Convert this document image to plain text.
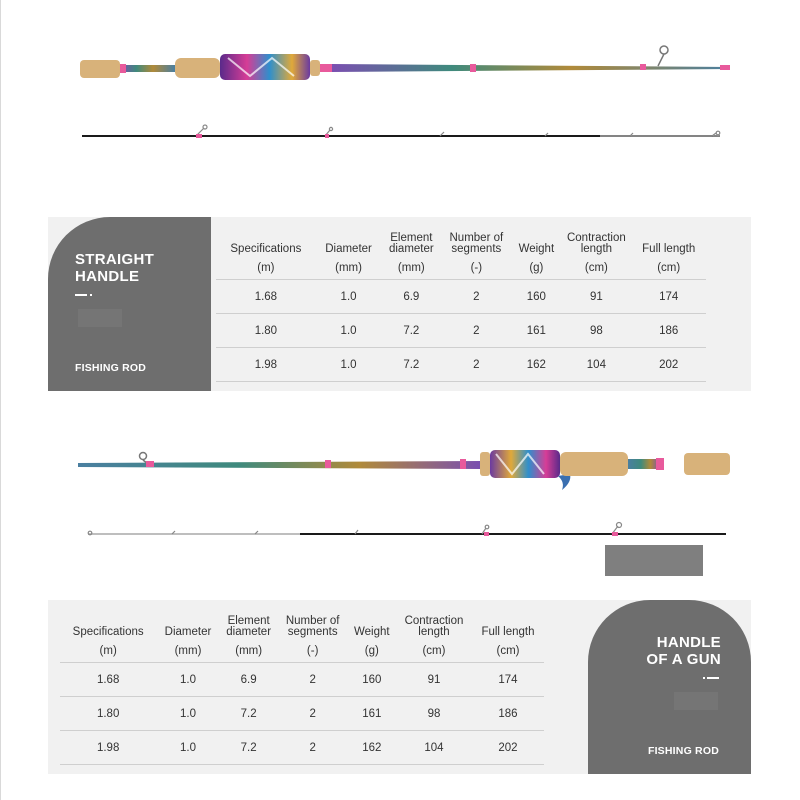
STRAIGHT
HANDLE
FISHING ROD
Specifications	Diameter	Element diameter	Number of segments	Weight	Contraction length	Full length
(m)	(mm)	(mm)	(-)	(g)	(cm)	(cm)
1.68	1.0	6.9	2	160	91	174
1.80	1.0	7.2	2	161	98	186
1.98	1.0	7.2	2	162	104	202
Specifications	Diameter	Element diameter	Number of segments	Weight	Contraction length	Full length
(m)	(mm)	(mm)	(-)	(g)	(cm)	(cm)
1.68	1.0	6.9	2	160	91	174
1.80	1.0	7.2	2	161	98	186
1.98	1.0	7.2	2	162	104	202
HANDLE
OF A GUN
FISHING ROD
